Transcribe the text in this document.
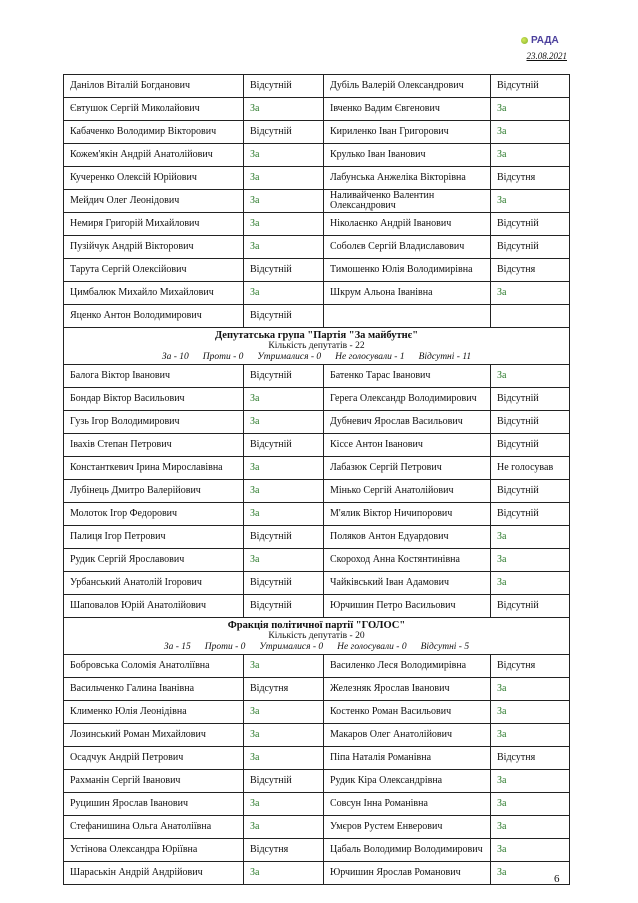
РАДА
23.08.2021
Данілов Віталій Богданович	Відсутній	Дубіль Валерій Олександрович	Відсутній
Євтушок Сергій Миколайович	За	Івченко Вадим Євгенович	За
Кабаченко Володимир Вікторович	Відсутній	Кириленко Іван Григорович	За
Кожем'якін Андрій Анатолійович	За	Крулько Іван Іванович	За
Кучеренко Олексій Юрійович	За	Лабунська Анжеліка Вікторівна	Відсутня
Мейдич Олег Леонідович	За	Наливайченко Валентин Олександрович	За
Немиря Григорій Михайлович	За	Ніколаєнко Андрій Іванович	Відсутній
Пузійчук Андрій Вікторович	За	Соболєв Сергій Владиславович	Відсутній
Тарута Сергій Олексійович	Відсутній	Тимошенко Юлія Володимирівна	Відсутня
Цимбалюк Михайло Михайлович	За	Шкрум Альона Іванівна	За
Яценко Антон Володимирович	Відсутній		

Депутатська група "Партія "За майбутнє"
Кількість депутатів - 22
За - 10 Проти - 0 Утрималися - 0 Не голосували - 1 Відсутні - 11			

Балога Віктор Іванович	Відсутній	Батенко Тарас Іванович	За
Бондар Віктор Васильович	За	Герега Олександр Володимирович	Відсутній
Гузь Ігор Володимирович	За	Дубневич Ярослав Васильович	Відсутній
Івахів Степан Петрович	Відсутній	Кіссе Антон Іванович	Відсутній
Константкевич Ірина Мирославівна	За	Лабазюк Сергій Петрович	Не голосував
Лубінець Дмитро Валерійович	За	Мінько Сергій Анатолійович	Відсутній
Молоток Ігор Федорович	За	М'ялик Віктор Ничипорович	Відсутній
Палиця Ігор Петрович	Відсутній	Поляков Антон Едуардович	За
Рудик Сергій Ярославович	За	Скороход Анна Костянтинівна	За
Урбанський Анатолій Ігорович	Відсутній	Чайківський Іван Адамович	За
Шаповалов Юрій Анатолійович	Відсутній	Юрчишин Петро Васильович	Відсутній

Фракція політичної партії "ГОЛОС"
Кількість депутатів - 20
За - 15 Проти - 0 Утрималися - 0 Не голосували - 0 Відсутні - 5			

Бобровська Соломія Анатоліївна	За	Василенко Леся Володимирівна	Відсутня
Васильченко Галина Іванівна	Відсутня	Железняк Ярослав Іванович	За
Клименко Юлія Леонідівна	За	Костенко Роман Васильович	За
Лозинський Роман Михайлович	За	Макаров Олег Анатолійович	За
Осадчук Андрій Петрович	За	Піпа Наталія Романівна	Відсутня
Рахманін Сергій Іванович	Відсутній	Рудик Кіра Олександрівна	За
Руцишин Ярослав Іванович	За	Совсун Інна Романівна	За
Стефанишина Ольга Анатоліївна	За	Умєров Рустем Енверович	За
Устінова Олександра Юріївна	Відсутня	Цабаль Володимир Володимирович	За
Шараськін Андрій Андрійович	За	Юрчишин Ярослав Романович	За
6
